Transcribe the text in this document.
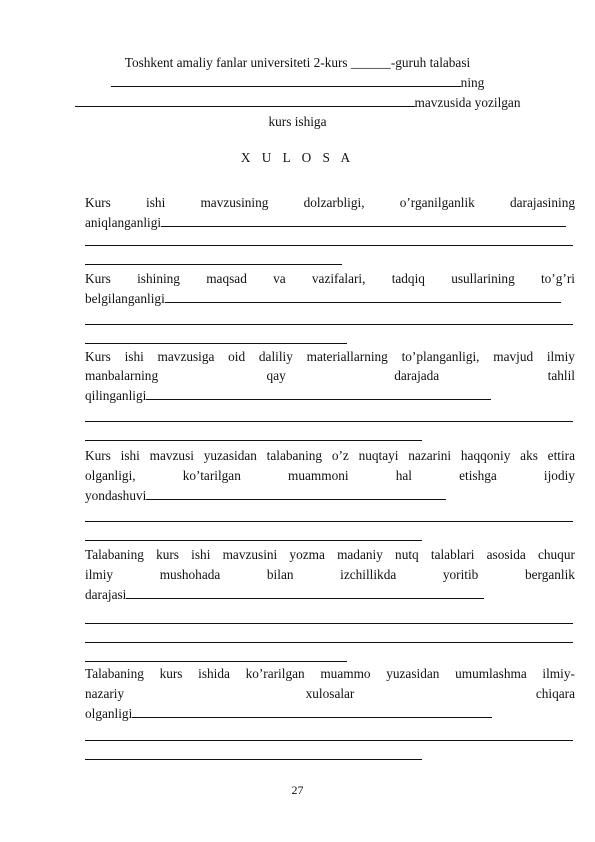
Toshkent amaliy fanlar universiteti 2-kurs ______-guruh talabasi
ning
mavzusida yozilgan
kurs ishiga
X U L O S A
Kurs	ishi	mavzusining	dolzarbligi,	o’rganilganlik	darajasining
aniqlanganligi
Kurs ishining maqsad va vazifalari, tadqiq usullarining to’g’ri
belgilanganligi
Kurs ishi mavzusiga oid daliliy materiallarning to’planganligi, mavjud ilmiy
manbalarning	qay	darajada	tahlil
qilinganligi
Kurs ishi mavzusi yuzasidan talabaning o’z nuqtayi nazarini haqqoniy aks ettira
olganligi,	ko’tarilgan	muammoni	hal	etishga	ijodiy
yondashuvi
Talabaning kurs ishi mavzusini yozma madaniy nutq talablari asosida chuqur
ilmiy	mushohada	bilan	izchillikda	yoritib	berganlik
darajasi
Talabaning kurs ishida ko’rarilgan muammo yuzasidan umumlashma ilmiy-
nazariy	xulosalar	chiqara
olganligi
27
